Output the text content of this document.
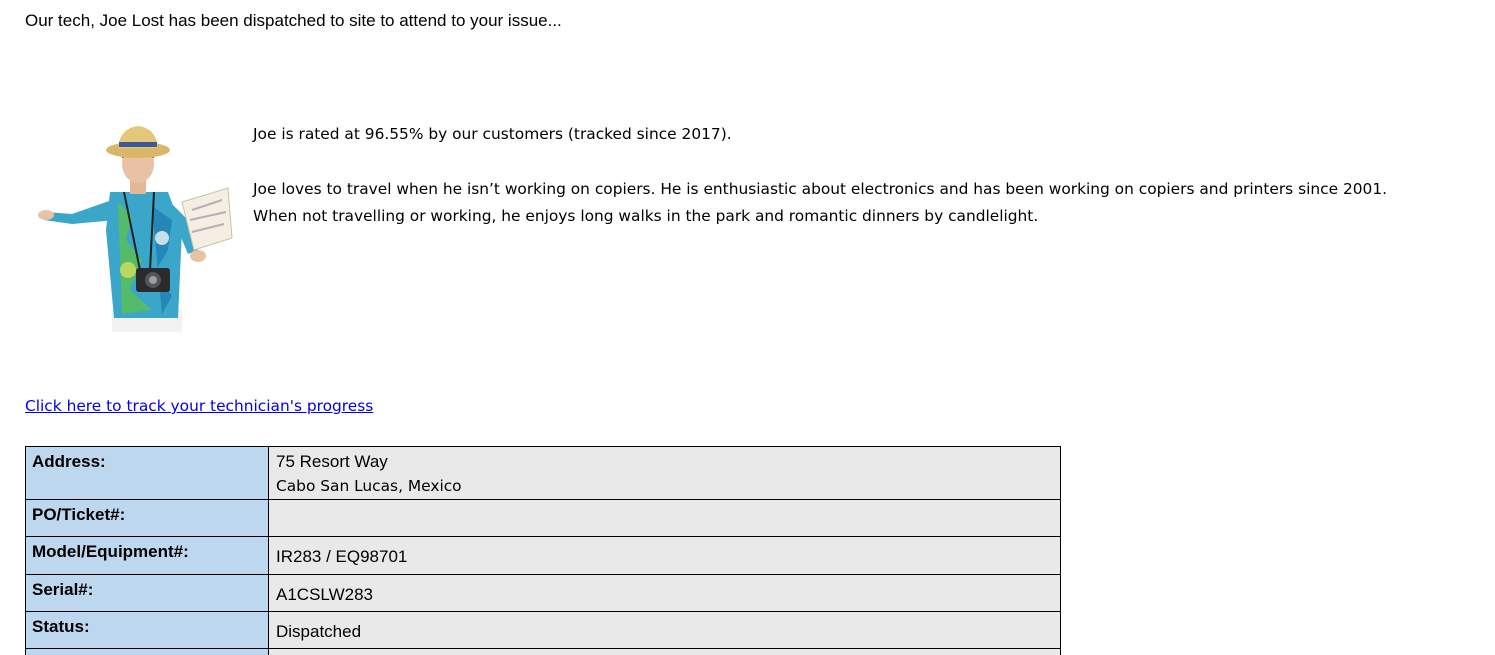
Our tech, Joe Lost has been dispatched to site to attend to your issue...

Joe is rated at 96.55% by our customers (tracked since 2017).

Joe loves to travel when he isn’t working on copiers. He is enthusiastic about electronics and has been working on copiers and printers since 2001.

When not travelling or working, he enjoys long walks in the park and romantic dinners by candlelight.

Click here to track your technician's progress
Address:	75 Resort Way
Cabo San Lucas, Mexico

PO/Ticket#:	
Model/Equipment#:	IR283 / EQ98701
Serial#:	A1CSLW283
Status:	Dispatched
